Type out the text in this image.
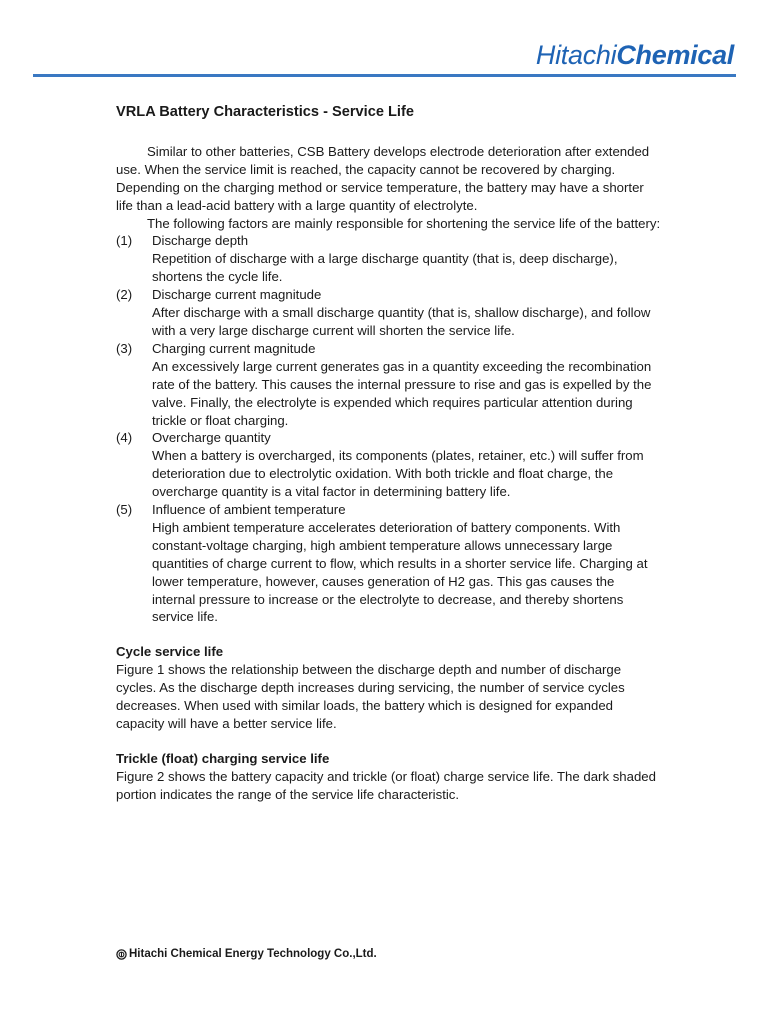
HitachiChemical
VRLA Battery Characteristics - Service Life

Similar to other batteries, CSB Battery develops electrode deterioration after extended use. When the service limit is reached, the capacity cannot be recovered by charging. Depending on the charging method or service temperature, the battery may have a shorter life than a lead-acid battery with a large quantity of electrolyte.

The following factors are mainly responsible for shortening the service life of the battery:

(1)	Discharge depth
Repetition of discharge with a large discharge quantity (that is, deep discharge), shortens the cycle life.
(2)	Discharge current magnitude
After discharge with a small discharge quantity (that is, shallow discharge), and follow with a very large discharge current will shorten the service life.
(3)	Charging current magnitude
An excessively large current generates gas in a quantity exceeding the recombination rate of the battery. This causes the internal pressure to rise and gas is expelled by the valve. Finally, the electrolyte is expended which requires particular attention during trickle or float charging.
(4)	Overcharge quantity
When a battery is overcharged, its components (plates, retainer, etc.) will suffer from deterioration due to electrolytic oxidation. With both trickle and float charge, the overcharge quantity is a vital factor in determining battery life.
(5)	Influence of ambient temperature
High ambient temperature accelerates deterioration of battery components. With constant-voltage charging, high ambient temperature allows unnecessary large quantities of charge current to flow, which results in a shorter service life. Charging at lower temperature, however, causes generation of H2 gas. This gas causes the internal pressure to increase or the electrolyte to decrease, and thereby shortens service life.
Cycle service life

Figure 1 shows the relationship between the discharge depth and number of discharge cycles. As the discharge depth increases during servicing, the number of service cycles decreases. When used with similar loads, the battery which is designed for expanded capacity will have a better service life.

Trickle (float) charging service life

Figure 2 shows the battery capacity and trickle (or float) charge service life. The dark shaded portion indicates the range of the service life characteristic.

Hitachi Chemical Energy Technology Co.,Ltd.
